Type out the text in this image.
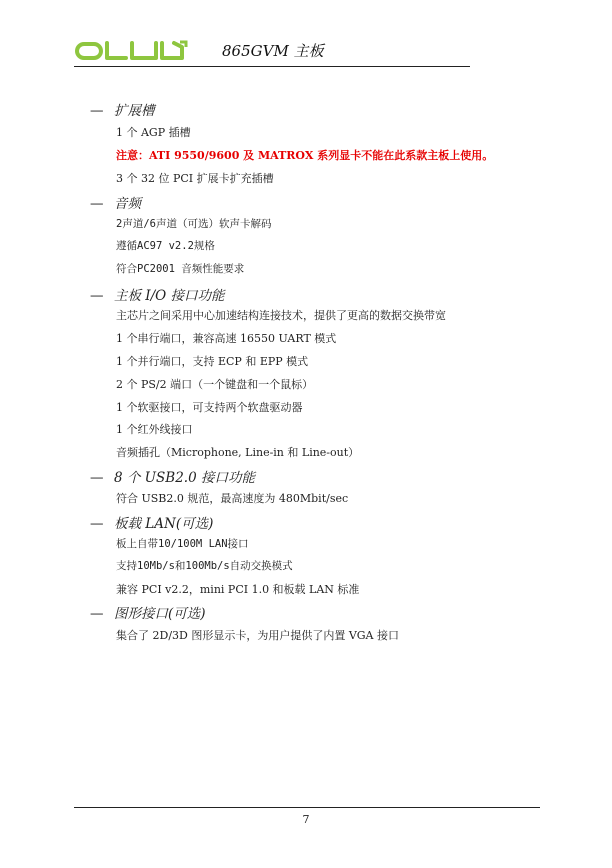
865GVM 主板
— 扩展槽
1 个 AGP 插槽
注意：ATI 9550/9600 及 MATROX 系列显卡不能在此系款主板上使用。
3 个 32 位 PCI 扩展卡扩充插槽
— 音频
2声道/6声道（可选）软声卡解码
遵循AC97 v2.2规格
符合PC2001 音频性能要求
— 主板 I/O 接口功能
主芯片之间采用中心加速结构连接技术，提供了更高的数据交换带宽
1 个串行端口，兼容高速 16550 UART 模式
1 个并行端口，支持 ECP 和 EPP 模式
2 个 PS/2 端口（一个键盘和一个鼠标）
1 个软驱接口，可支持两个软盘驱动器
1 个红外线接口
音频插孔（Microphone, Line-in 和 Line-out）
— 8 个 USB2.0 接口功能
符合 USB2.0 规范，最高速度为 480Mbit/sec
— 板载 LAN(可选)
板上自带10/100M LAN接口
支持10Mb/s和100Mb/s自动交换模式
兼容 PCI v2.2，mini PCI 1.0 和板载 LAN 标准
— 图形接口(可选)
集合了 2D/3D 图形显示卡，为用户提供了内置 VGA 接口
7
